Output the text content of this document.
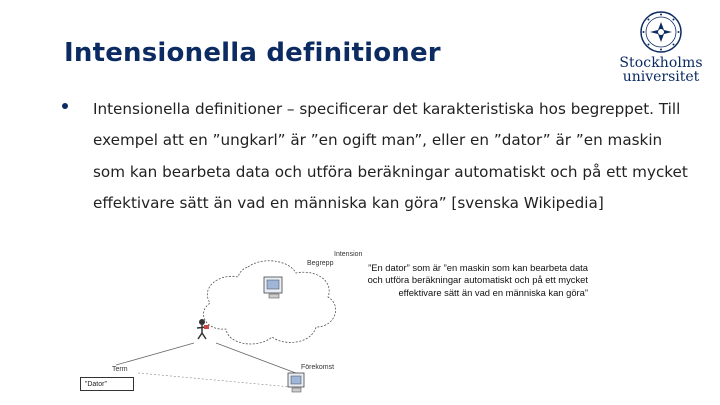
Intensionella definitioner	Stockholms
universitet
Intensionella definitioner – specificerar det karakteristiska hos begreppet. Till exempel att en ”ungkarl” är ”en ogift man”, eller en ”dator” är ”en maskin som kan bearbeta data och utföra beräkningar automatiskt och på ett mycket effektivare sätt än vad en människa kan göra” [svenska Wikipedia]
Intension
Begrepp
Term	Förekomst
”Dator”
”En dator” som är ”en maskin som kan bearbeta data och utföra beräkningar automatiskt och på ett mycket effektivare sätt än vad en människa kan göra”
